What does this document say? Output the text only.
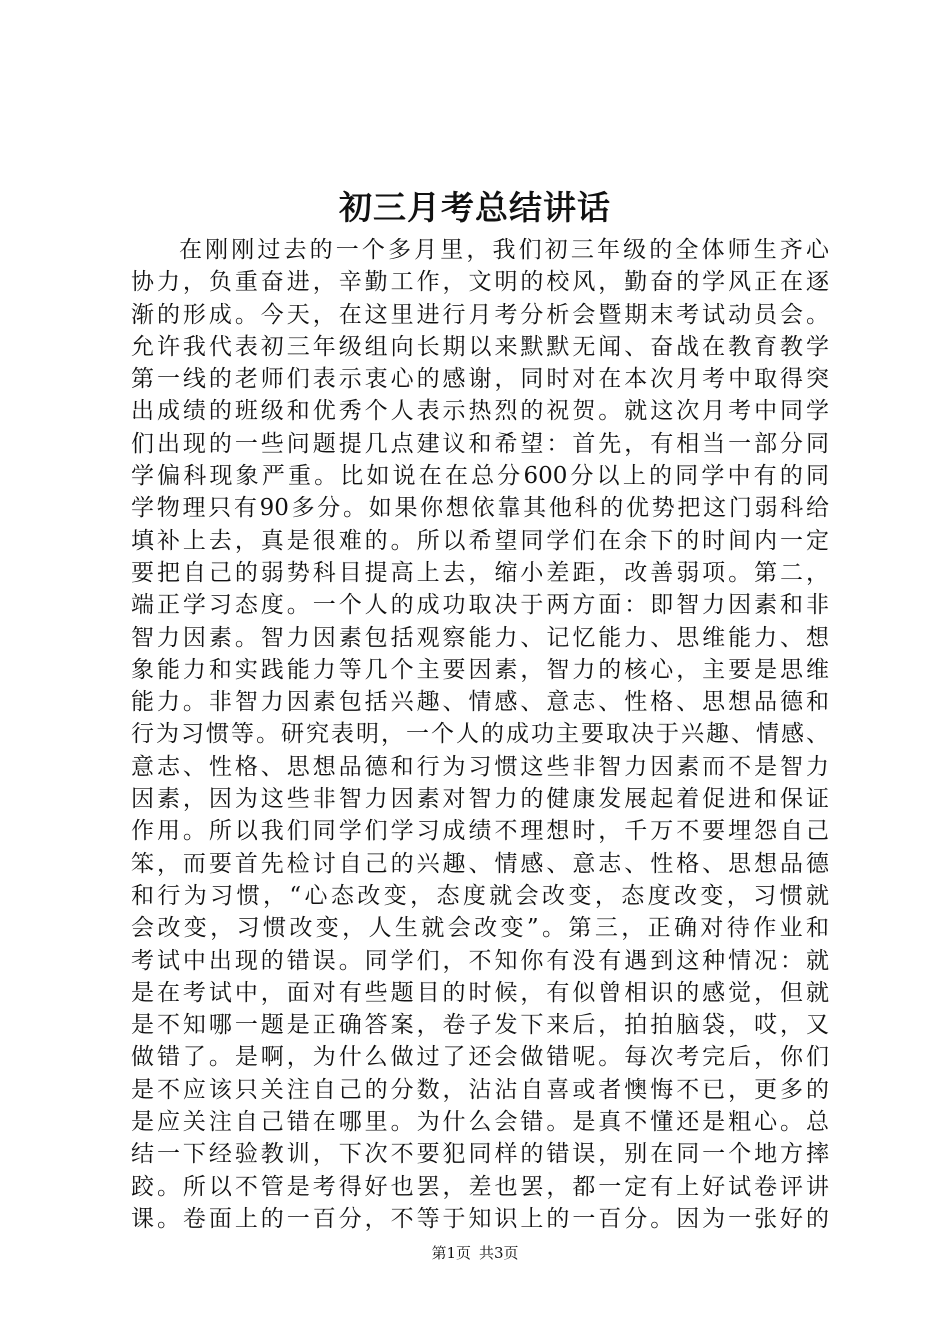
初三月考总结讲话
在刚刚过去的一个多月里，我们初三年级的全体师生齐心
协力，负重奋进，辛勤工作，文明的校风，勤奋的学风正在逐
渐的形成。今天，在这里进行月考分析会暨期末考试动员会。
允许我代表初三年级组向长期以来默默无闻、奋战在教育教学
第一线的老师们表示衷心的感谢，同时对在本次月考中取得突
出成绩的班级和优秀个人表示热烈的祝贺。就这次月考中同学
们出现的一些问题提几点建议和希望：首先，有相当一部分同
学偏科现象严重。比如说在在总分600分以上的同学中有的同
学物理只有90多分。如果你想依靠其他科的优势把这门弱科给
填补上去，真是很难的。所以希望同学们在余下的时间内一定
要把自己的弱势科目提高上去，缩小差距，改善弱项。第二，
端正学习态度。一个人的成功取决于两方面：即智力因素和非
智力因素。智力因素包括观察能力、记忆能力、思维能力、想
象能力和实践能力等几个主要因素，智力的核心，主要是思维
能力。非智力因素包括兴趣、情感、意志、性格、思想品德和
行为习惯等。研究表明，一个人的成功主要取决于兴趣、情感、
意志、性格、思想品德和行为习惯这些非智力因素而不是智力
因素，因为这些非智力因素对智力的健康发展起着促进和保证
作用。所以我们同学们学习成绩不理想时，千万不要埋怨自己
笨，而要首先检讨自己的兴趣、情感、意志、性格、思想品德
和行为习惯，“心态改变，态度就会改变，态度改变，习惯就
会改变，习惯改变，人生就会改变”。第三，正确对待作业和
考试中出现的错误。同学们，不知你有没有遇到这种情况：就
是在考试中，面对有些题目的时候，有似曾相识的感觉，但就
是不知哪一题是正确答案，卷子发下来后，拍拍脑袋，哎，又
做错了。是啊，为什么做过了还会做错呢。每次考完后，你们
是不应该只关注自己的分数，沾沾自喜或者懊悔不已，更多的
是应关注自己错在哪里。为什么会错。是真不懂还是粗心。总
结一下经验教训，下次不要犯同样的错误，别在同一个地方摔
跤。所以不管是考得好也罢，差也罢，都一定有上好试卷评讲
课。卷面上的一百分，不等于知识上的一百分。因为一张好的
第1页 共3页
